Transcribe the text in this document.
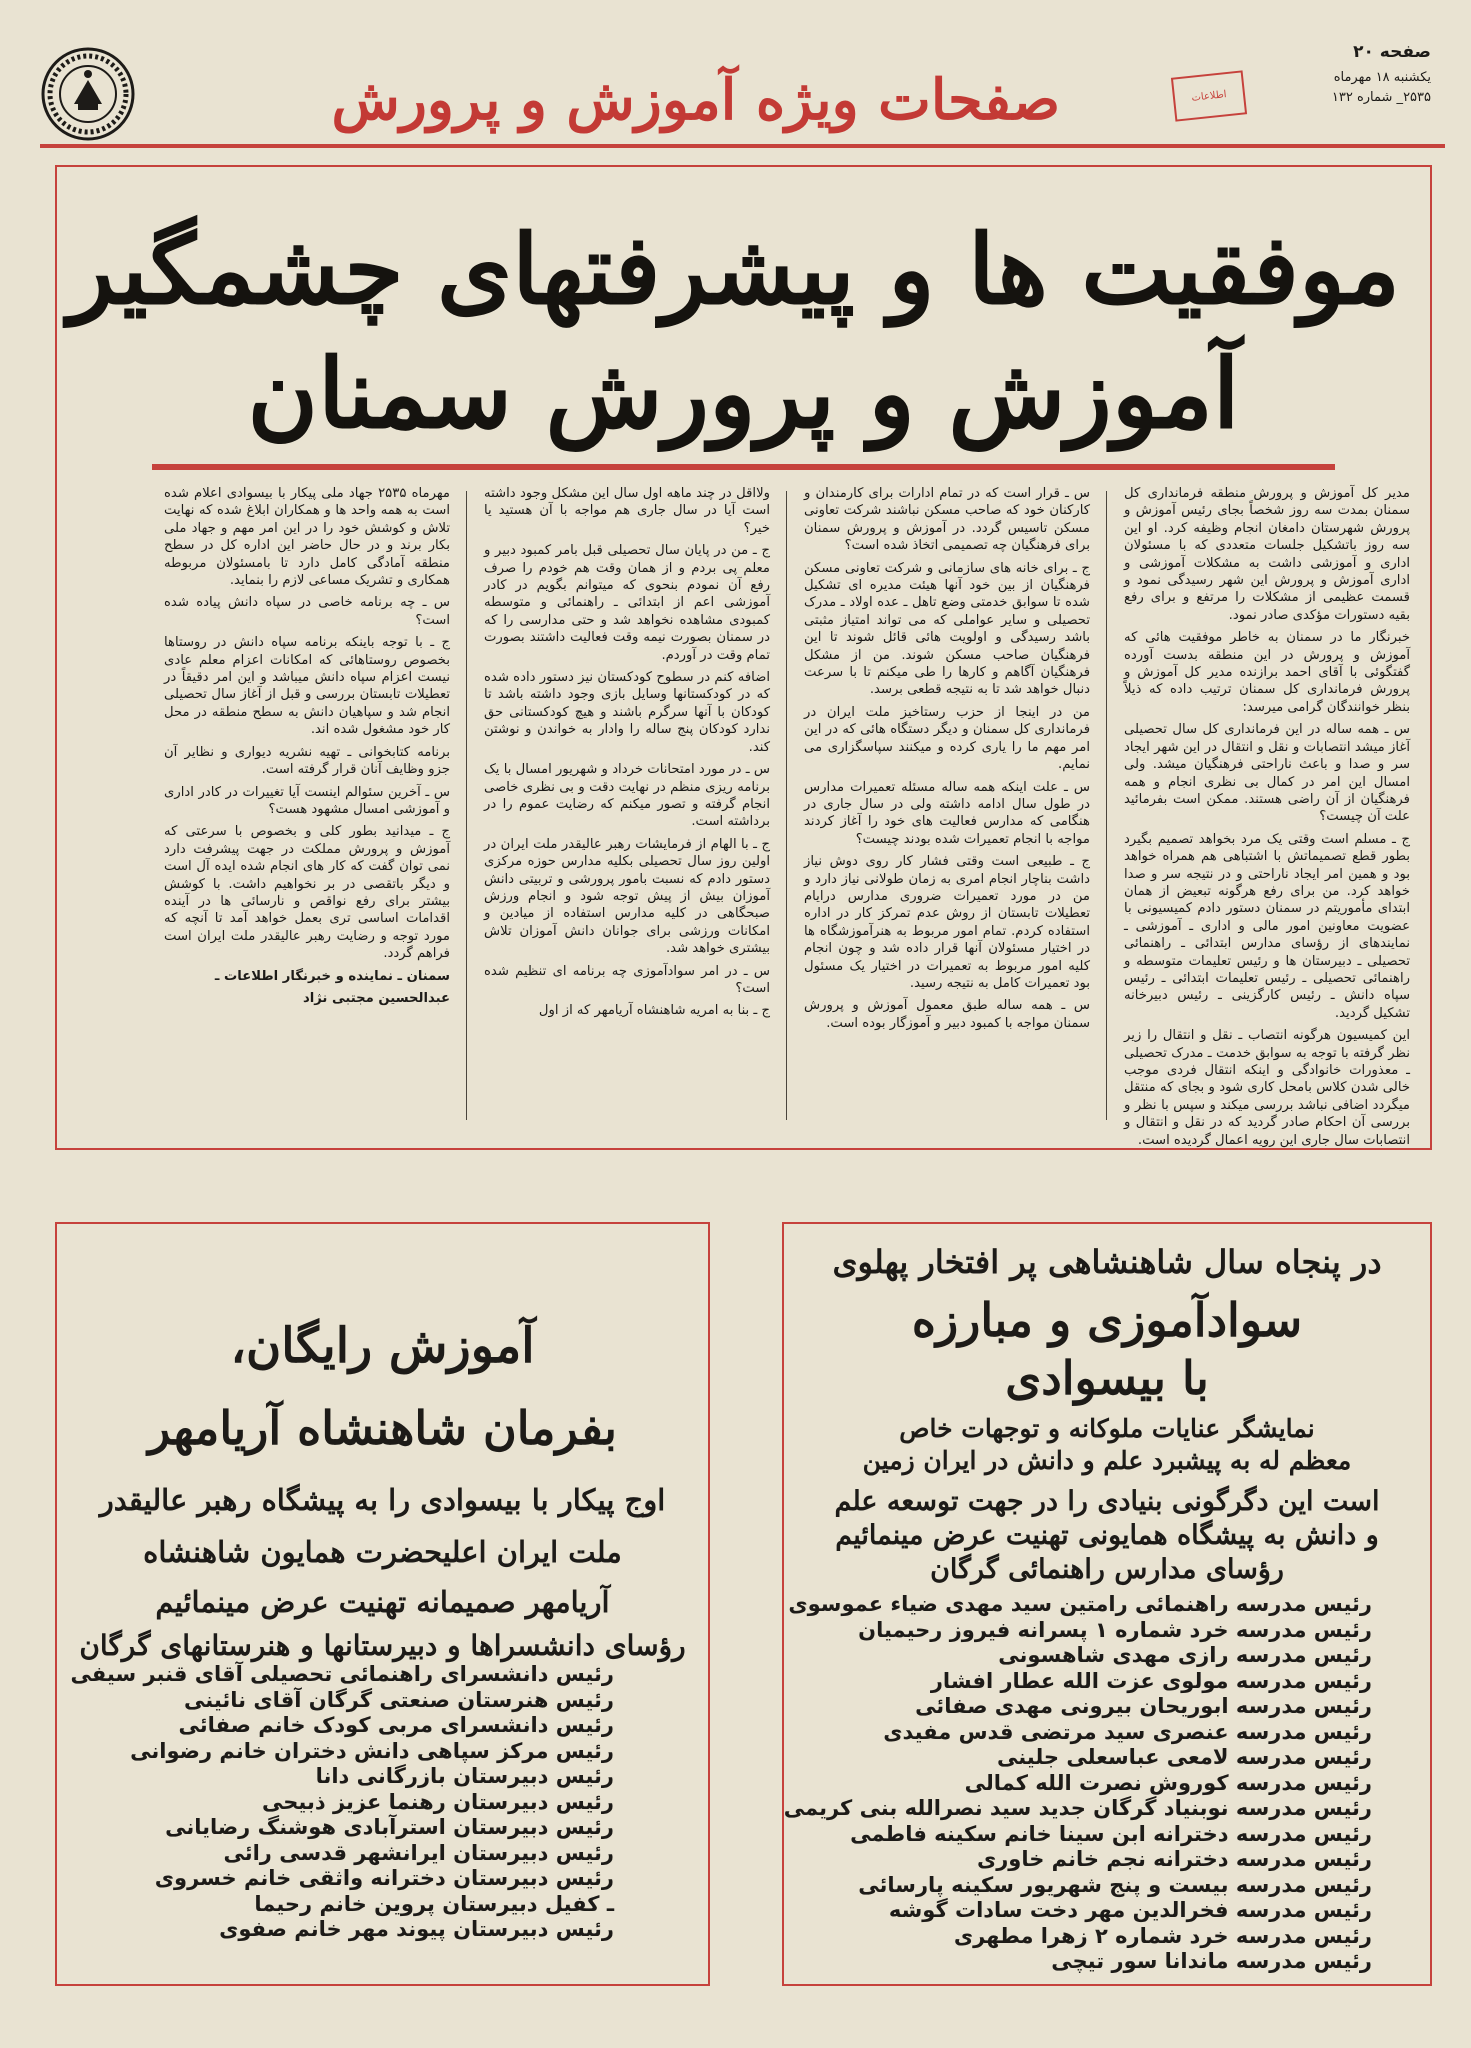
صفحه ۲۰
یکشنبه ۱۸ مهرماه
۲۵۳۵_ شماره ۱۳۲
اطلاعات
صفحات ویژه آموزش و پرورش
موفقیت ها و پیشرفتهای چشمگیر
آموزش و پرورش سمنان

مدیر کل آموزش و پرورش منطقه فرمانداری کل سمنان بمدت سه روز شخصاً بجای رئیس آموزش و پرورش شهرستان دامغان انجام وظیفه کرد. او این سه روز باتشکیل جلسات متعددی که با مسئولان اداری و آموزشی داشت به مشکلات آموزشی و اداری آموزش و پرورش این شهر رسیدگی نمود و قسمت عظیمی از مشکلات را مرتفع و برای رفع بقیه دستورات مؤکدی صادر نمود.

خبرنگار ما در سمنان به خاطر موفقیت هائی که آموزش و پرورش در این منطقه بدست آورده گفتگوئی با آقای احمد برازنده مدیر کل آموزش و پرورش فرمانداری کل سمنان ترتیب داده که ذیلاً بنظر خوانندگان گرامی میرسد:

س ـ همه ساله در این فرمانداری کل سال تحصیلی آغاز میشد انتصابات و نقل و انتقال در این شهر ایجاد سر و صدا و باعث ناراحتی فرهنگیان میشد. ولی امسال این امر در کمال بی نظری انجام و همه فرهنگیان از آن راضی هستند. ممکن است بفرمائید علت آن چیست؟

ج ـ مسلم است وقتی یک مرد بخواهد تصمیم بگیرد بطور قطع تصمیماتش با اشتباهی هم همراه خواهد بود و همین امر ایجاد ناراحتی و در نتیجه سر و صدا خواهد کرد. من برای رفع هرگونه تبعیض از همان ابتدای مأموریتم در سمنان دستور دادم کمیسیونی با عضویت معاونین امور مالی و اداری ـ آموزشی ـ نمایندهای از رؤسای مدارس ابتدائی ـ راهنمائی تحصیلی ـ دبیرستان ها و رئیس تعلیمات متوسطه و راهنمائی تحصیلی ـ رئیس تعلیمات ابتدائی ـ رئیس سپاه دانش ـ رئیس کارگزینی ـ رئیس دبیرخانه تشکیل گردید.

این کمیسیون هرگونه انتصاب ـ نقل و انتقال را زیر نظر گرفته با توجه به سوابق خدمت ـ مدرک تحصیلی ـ معذورات خانوادگی و اینکه انتقال فردی موجب خالی شدن کلاس بامحل کاری شود و بجای که منتقل میگردد اضافی نباشد بررسی میکند و سپس با نظر و بررسی آن احکام صادر گردید که در نقل و انتقال و انتصابات سال جاری این رویه اعمال گردیده است.

س ـ قرار است که در تمام ادارات برای کارمندان و کارکنان خود که صاحب مسکن نباشند شرکت تعاونی مسکن تاسیس گردد. در آموزش و پرورش سمنان برای فرهنگیان چه تصمیمی اتخاذ شده است؟

ج ـ برای خانه های سازمانی و شرکت تعاونی مسکن فرهنگیان از بین خود آنها هیئت مدیره ای تشکیل شده تا سوابق خدمتی وضع تاهل ـ عده اولاد ـ مدرک تحصیلی و سایر عواملی که می تواند امتیاز مثبتی باشد رسیدگی و اولویت هائی قائل شوند تا این فرهنگیان صاحب مسکن شوند. من از مشکل فرهنگیان آگاهم و کارها را طی میکنم تا با سرعت دنبال خواهد شد تا به نتیجه قطعی برسد.

من در اینجا از حزب رستاخیز ملت ایران در فرمانداری کل سمنان و دیگر دستگاه هائی که در این امر مهم ما را یاری کرده و میکنند سپاسگزاری می نمایم.

س ـ علت اینکه همه ساله مسئله تعمیرات مدارس در طول سال ادامه داشته ولی در سال جاری در هنگامی که مدارس فعالیت های خود را آغاز کردند مواجه با انجام تعمیرات شده بودند چیست؟

ج ـ طبیعی است وقتی فشار کار روی دوش نیاز داشت بناچار انجام امری به زمان طولانی نیاز دارد و من در مورد تعمیرات ضروری مدارس درایام تعطیلات تابستان از روش عدم تمرکز کار در اداره استفاده کردم. تمام امور مربوط به هنرآموزشگاه ها در اختیار مسئولان آنها قرار داده شد و چون انجام کلیه امور مربوط به تعمیرات در اختیار یک مسئول بود تعمیرات کامل به نتیجه رسید.

س ـ همه ساله طبق معمول آموزش و پرورش سمنان مواجه با کمبود دبیر و آموزگار بوده است.

ولااقل در چند ماهه اول سال این مشکل وجود داشته است آیا در سال جاری هم مواجه با آن هستید یا خیر؟

ج ـ من در پایان سال تحصیلی قبل بامر کمبود دبیر و معلم پی بردم و از همان وقت هم خودم را صرف رفع آن نمودم بنحوی که میتوانم بگویم در کادر آموزشی اعم از ابتدائی ـ راهنمائی و متوسطه کمبودی مشاهده نخواهد شد و حتی مدارسی را که در سمنان بصورت نیمه وقت فعالیت داشتند بصورت تمام وقت در آوردم.

اضافه کنم در سطوح کودکستان نیز دستور داده شده که در کودکستانها وسایل بازی وجود داشته باشد تا کودکان با آنها سرگرم باشند و هیچ کودکستانی حق ندارد کودکان پنج ساله را وادار به خواندن و نوشتن کند.

س ـ در مورد امتحانات خرداد و شهریور امسال با یک برنامه ریزی منظم در نهایت دقت و بی نظری خاصی انجام گرفته و تصور میکنم که رضایت عموم را در برداشته است.

ج ـ با الهام از فرمایشات رهبر عالیقدر ملت ایران در اولین روز سال تحصیلی بکلیه مدارس حوزه مرکزی دستور دادم که نسبت بامور پرورشی و تربیتی دانش آموزان بیش از پیش توجه شود و انجام ورزش صبحگاهی در کلیه مدارس استفاده از میادین و امکانات ورزشی برای جوانان دانش آموزان تلاش بیشتری خواهد شد.

س ـ در امر سوادآموزی چه برنامه ای تنظیم شده است؟

ج ـ بنا به امریه شاهنشاه آریامهر که از اول

مهرماه ۲۵۳۵ جهاد ملی پیکار با بیسوادی اعلام شده است به همه واحد ها و همکاران ابلاغ شده که نهایت تلاش و کوشش خود را در این امر مهم و جهاد ملی بکار برند و در حال حاضر این اداره کل در سطح منطقه آمادگی کامل دارد تا بامسئولان مربوطه همکاری و تشریک مساعی لازم را بنماید.

س ـ چه برنامه خاصی در سپاه دانش پیاده شده است؟

ج ـ با توجه باینکه برنامه سپاه دانش در روستاها بخصوص روستاهائی که امکانات اعزام معلم عادی نیست اعزام سپاه دانش میباشد و این امر دقیقاً در تعطیلات تابستان بررسی و قبل از آغاز سال تحصیلی انجام شد و سپاهیان دانش به سطح منطقه در محل کار خود مشغول شده اند.

برنامه کتابخوانی ـ تهیه نشریه دیواری و نظایر آن جزو وظایف آنان قرار گرفته است.

س ـ آخرین سئوالم اینست آیا تغییرات در کادر اداری و آموزشی امسال مشهود هست؟

ج ـ میدانید بطور کلی و بخصوص با سرعتی که آموزش و پرورش مملکت در جهت پیشرفت دارد نمی توان گفت که کار های انجام شده ایده آل است و دیگر باتقصی در بر نخواهیم داشت. با کوشش بیشتر برای رفع نواقص و نارسائی ها در آینده اقدامات اساسی تری بعمل خواهد آمد تا آنچه که مورد توجه و رضایت رهبر عالیقدر ملت ایران است فراهم گردد.

سمنان ـ نماینده و خبرنگار اطلاعات ـ

عبدالحسین مجتبی نژاد

آموزش رایگان،
بفرمان شاهنشاه آریامهر
اوج پیکار با بیسوادی را به پیشگاه رهبر عالیقدر
ملت ایران اعلیحضرت همایون شاهنشاه
آریامهر صمیمانه تهنیت عرض مینمائیم
رؤسای دانشسراها و دبیرستانها و هنرستانهای گرگان
رئیس دانشسرای راهنمائی تحصیلی آقای قنبر سیفی
رئیس هنرستان صنعتی گرگان آقای نائینی
رئیس دانشسرای مربی کودک خانم صفائی
رئیس مرکز سپاهی دانش دختران خانم رضوانی
رئیس دبیرستان بازرگانی دانا
رئیس دبیرستان رهنما عزیز ذبیحی
رئیس دبیرستان استرآبادی هوشنگ رضایانی
رئیس دبیرستان ایرانشهر قدسی رائی
رئیس دبیرستان دخترانه واثقی خانم خسروی
ـ کفیل دبیرستان پروین خانم رحیما
رئیس دبیرستان پیوند مهر خانم صفوی
در پنجاه سال شاهنشاهی پر افتخار پهلوی
سوادآموزی و مبارزه
با بیسوادی
نمایشگر عنایات ملوکانه و توجهات خاص
معظم له به پیشبرد علم و دانش در ایران زمین
است این دگرگونی بنیادی را در جهت توسعه علم
و دانش به پیشگاه همایونی تهنیت عرض مینمائیم
رؤسای مدارس راهنمائی گرگان
رئیس مدرسه راهنمائی رامتین سید مهدی ضیاء عموسوی
رئیس مدرسه خرد شماره ۱ پسرانه فیروز رحیمیان
رئیس مدرسه رازی مهدی شاهسونی
رئیس مدرسه مولوی عزت الله عطار افشار
رئیس مدرسه ابوریحان بیرونی مهدی صفائی
رئیس مدرسه عنصری سید مرتضی قدس مفیدی
رئیس مدرسه لامعی عباسعلی جلینی
رئیس مدرسه کوروش نصرت الله کمالی
رئیس مدرسه نوبنیاد گرگان جدید سید نصرالله بنی کریمی
رئیس مدرسه دخترانه ابن سینا خانم سکینه فاطمی
رئیس مدرسه دخترانه نجم خانم خاوری
رئیس مدرسه بیست و پنج شهریور سکینه پارسائی
رئیس مدرسه فخرالدین مهر دخت سادات گوشه
رئیس مدرسه خرد شماره ۲ زهرا مطهری
رئیس مدرسه ماندانا سور تیچی
